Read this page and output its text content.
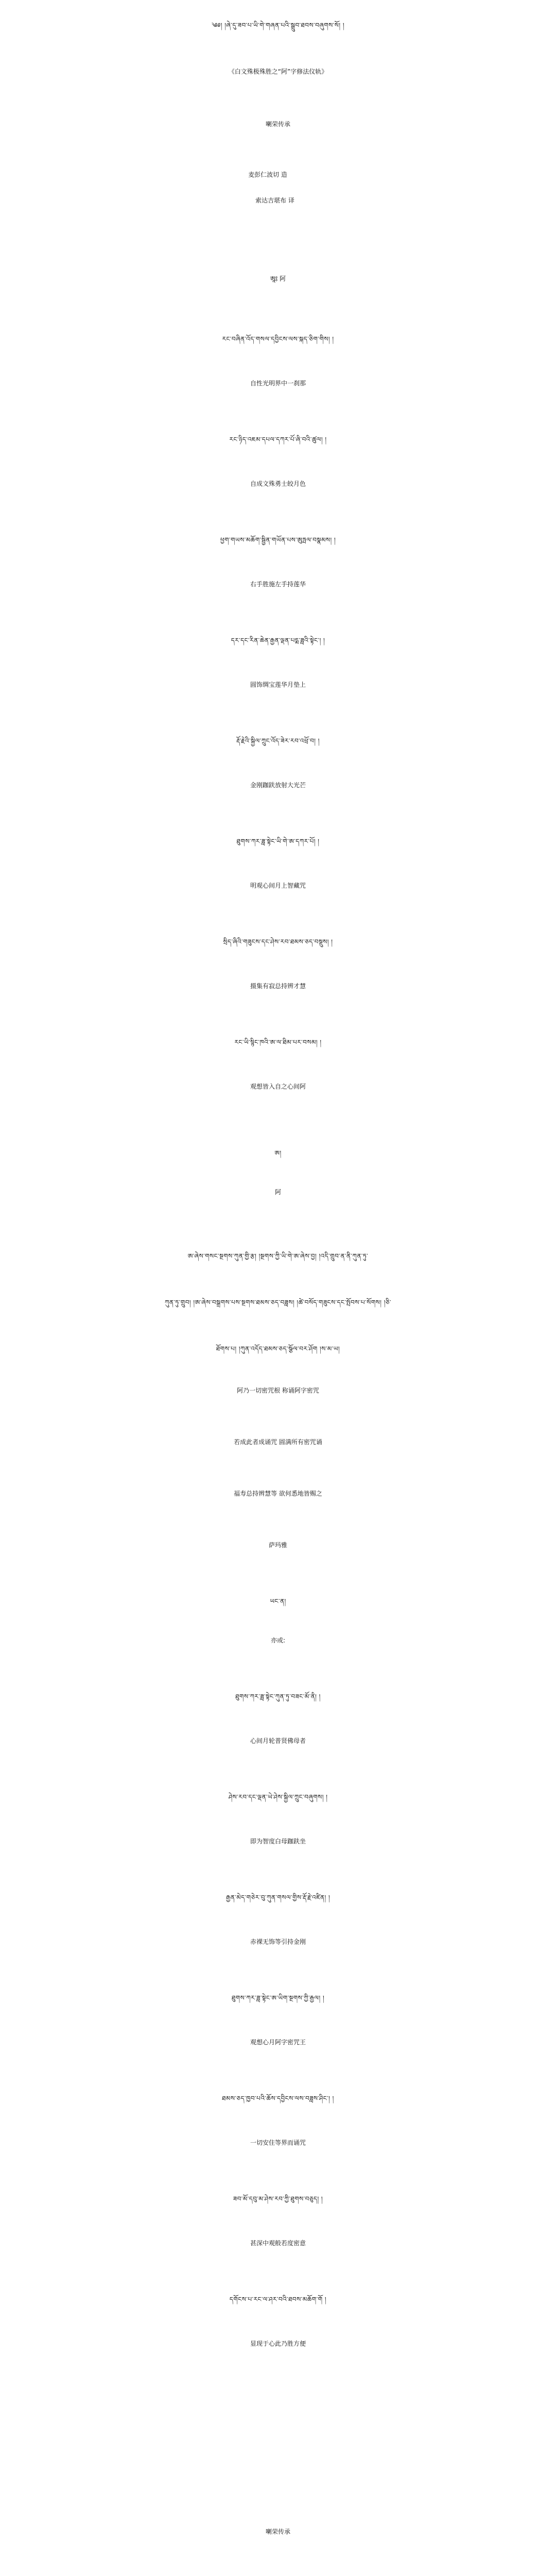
༄༅། །ཞེ་དུ་ཟབ་པ་ཡི་གེ་གཞན་པའི་སྒྲུབ་ཐབས་བཞུགས་སོ། །
《白文殊极殊胜之“阿”字修法仪轨》
喇荣传承
麦彭仁波切 造
索达吉堪布 译
ཨཱ༔ 阿
རང་བཞིན་འོད་གསལ་དབྱིངས་ལས་སྐད་ཅིག་གིས། །
自性光明界中一刹那
རང་ཉིད་འཇམ་དཔལ་དཀར་པོ་ཞི་བའི་ཚུལ། །
自成文殊勇士皎月色
ཕྱག་གཡས་མཆོག་སྦྱིན་གཡོན་པས་ཨུཏྤལ་བསྣམས། །
右手胜施左手持莲华
དར་དང་རིན་ཆེན་རྒྱན་ལྡན་པདྨ་ཟླའི་སྟེང་། །
圆饰绸宝莲华月垫上
རྡོ་རྗེའི་སྐྱིལ་ཀྲུང་འོད་ཟེར་རབ་འཕྲོ་བ། །
金刚跏趺放射大光芒
ཐུགས་ཀར་ཟླ་སྟེང་ཡི་གེ་ཨ་དཀར་པོ། །
明观心间月上智藏咒
སྲིད་ཞིའི་གཟུངས་དང་ཤེས་རབ་ཐམས་ཅད་བསྡུས། །
摄集有寂总持辨才慧
རང་ཡི་སྙིང་ཁའི་ཨ་ལ་ཐིམ་པར་བསམ། །
观想皆入自之心间阿
ཨ།
阿
ཨ་ཞེས་གསང་སྔགས་ཀུན་གྱི་རྩ། །སྔགས་ཀྱི་ཡི་གེ་ཨ་ཞེས་བྱ། །འདི་གྲུབ་ན་ནི་ཀུན་ཏུ་
ཀུན་ཏུ་གྲུབ། །ཨ་ཞེས་བསྒྲགས་པས་སྔགས་ཐམས་ཅད་བཟླས། །ཚེ་བསོད་གཟུངས་དང་སྤོབས་པ་སོགས། །ཅི་
ཐོགས་པ། །ཀུན་འདོད་ཐམས་ཅད་སྩོལ་བར་ཤོག །ས་མ་ཡ།
阿乃一切密咒根 称诵阿字密咒
若成此者成诵咒 圆满所有密咒诵
福寿总持辨慧等 欲何悉地皆赐之
萨玛雅
ཡང་ན།
亦或:
ཐུགས་ཀར་ཟླ་སྟེང་ཀུན་ཏུ་བཟང་མོ་ནི། །
心间月轮普贤佛母者
ཤེས་རབ་དང་ལྡན་ཡེ་ཤེས་སྐྱིལ་ཀྲུང་བཞུགས། །
即为智度白母跏趺坐
རྒྱན་མེད་གཅེར་བུ་ཀུན་གསལ་གྱིས་རྡོ་རྗེ་འཛིན། །
赤裸无饰等引持金刚
ཐུགས་ཀར་ཟླ་སྟེང་ཨ་ཡིག་སྔགས་ཀྱི་རྒྱལ། །
观想心月阿字密咒王
ཐམས་ཅད་ཁྱབ་པའི་ཆོས་དབྱིངས་ལས་བཟླས་ཤིང་། །
一切安住等界而诵咒
ཟབ་མོ་དབུ་མ་ཤེས་རབ་ཀྱི་ཐུགས་བཅུད། །
甚深中观般若度密意
དགོངས་པ་རང་ལ་ཤར་བའི་ཐབས་མཆོག་གོ །
显现于心此乃胜方便
喇荣传承
